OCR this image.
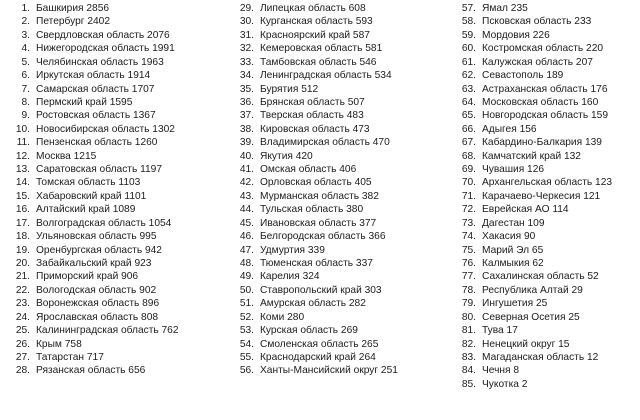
1. Башкирия 2856
2. Петербург 2402
3. Свердловская область 2076
4. Нижегородская область 1991
5. Челябинская область 1963
6. Иркутская область 1914
7. Самарская область 1707
8. Пермский край 1595
9. Ростовская область 1367
10. Новосибирская область 1302
11. Пензенская область 1260
12. Москва 1215
13. Саратовская область 1197
14. Томская область 1103
15. Хабаровский край 1101
16. Алтайский край 1089
17. Волгоградская область 1054
18. Ульяновская область 995
19. Оренбургская область 942
20. Забайкальский край 923
21. Приморский край 906
22. Вологодская область 902
23. Воронежская область 896
24. Ярославская область 808
25. Калининградская область 762
26. Крым 758
27. Татарстан 717
28. Рязанская область 656
29. Липецкая область 608
30. Курганская область 593
31. Красноярский край 587
32. Кемеровская область 581
33. Тамбовская область 546
34. Ленинградская область 534
35. Бурятия 512
36. Брянская область 507
37. Тверская область 483
38. Кировская область 473
39. Владимирская область 470
40. Якутия 420
41. Омская область 406
42. Орловская область 405
43. Мурманская область 382
44. Тульская область 380
45. Ивановская область 377
46. Белгородская область 366
47. Удмуртия 339
48. Тюменская область 337
49. Карелия 324
50. Ставропольский край 303
51. Амурская область 282
52. Коми 280
53. Курская область 269
54. Смоленская область 265
55. Краснодарский край 264
56. Ханты-Мансийский округ 251
57. Ямал 235
58. Псковская область 233
59. Мордовия 226
60. Костромская область 220
61. Калужская область 207
62. Севастополь 189
63. Астраханская область 176
64. Московская область 160
65. Новгородская область 159
66. Адыгея 156
67. Кабардино-Балкария 139
68. Камчатский край 132
69. Чувашия 126
70. Архангельская область 123
71. Карачаево-Черкесия 121
72. Еврейская АО 114
73. Дагестан 109
74. Хакасия 90
75. Марий Эл 65
76. Калмыкия 62
77. Сахалинская область 52
78. Республика Алтай 29
79. Ингушетия 25
80. Северная Осетия 25
81. Тува 17
82. Ненецкий округ 15
83. Магаданская область 12
84. Чечня 8
85. Чукотка 2
